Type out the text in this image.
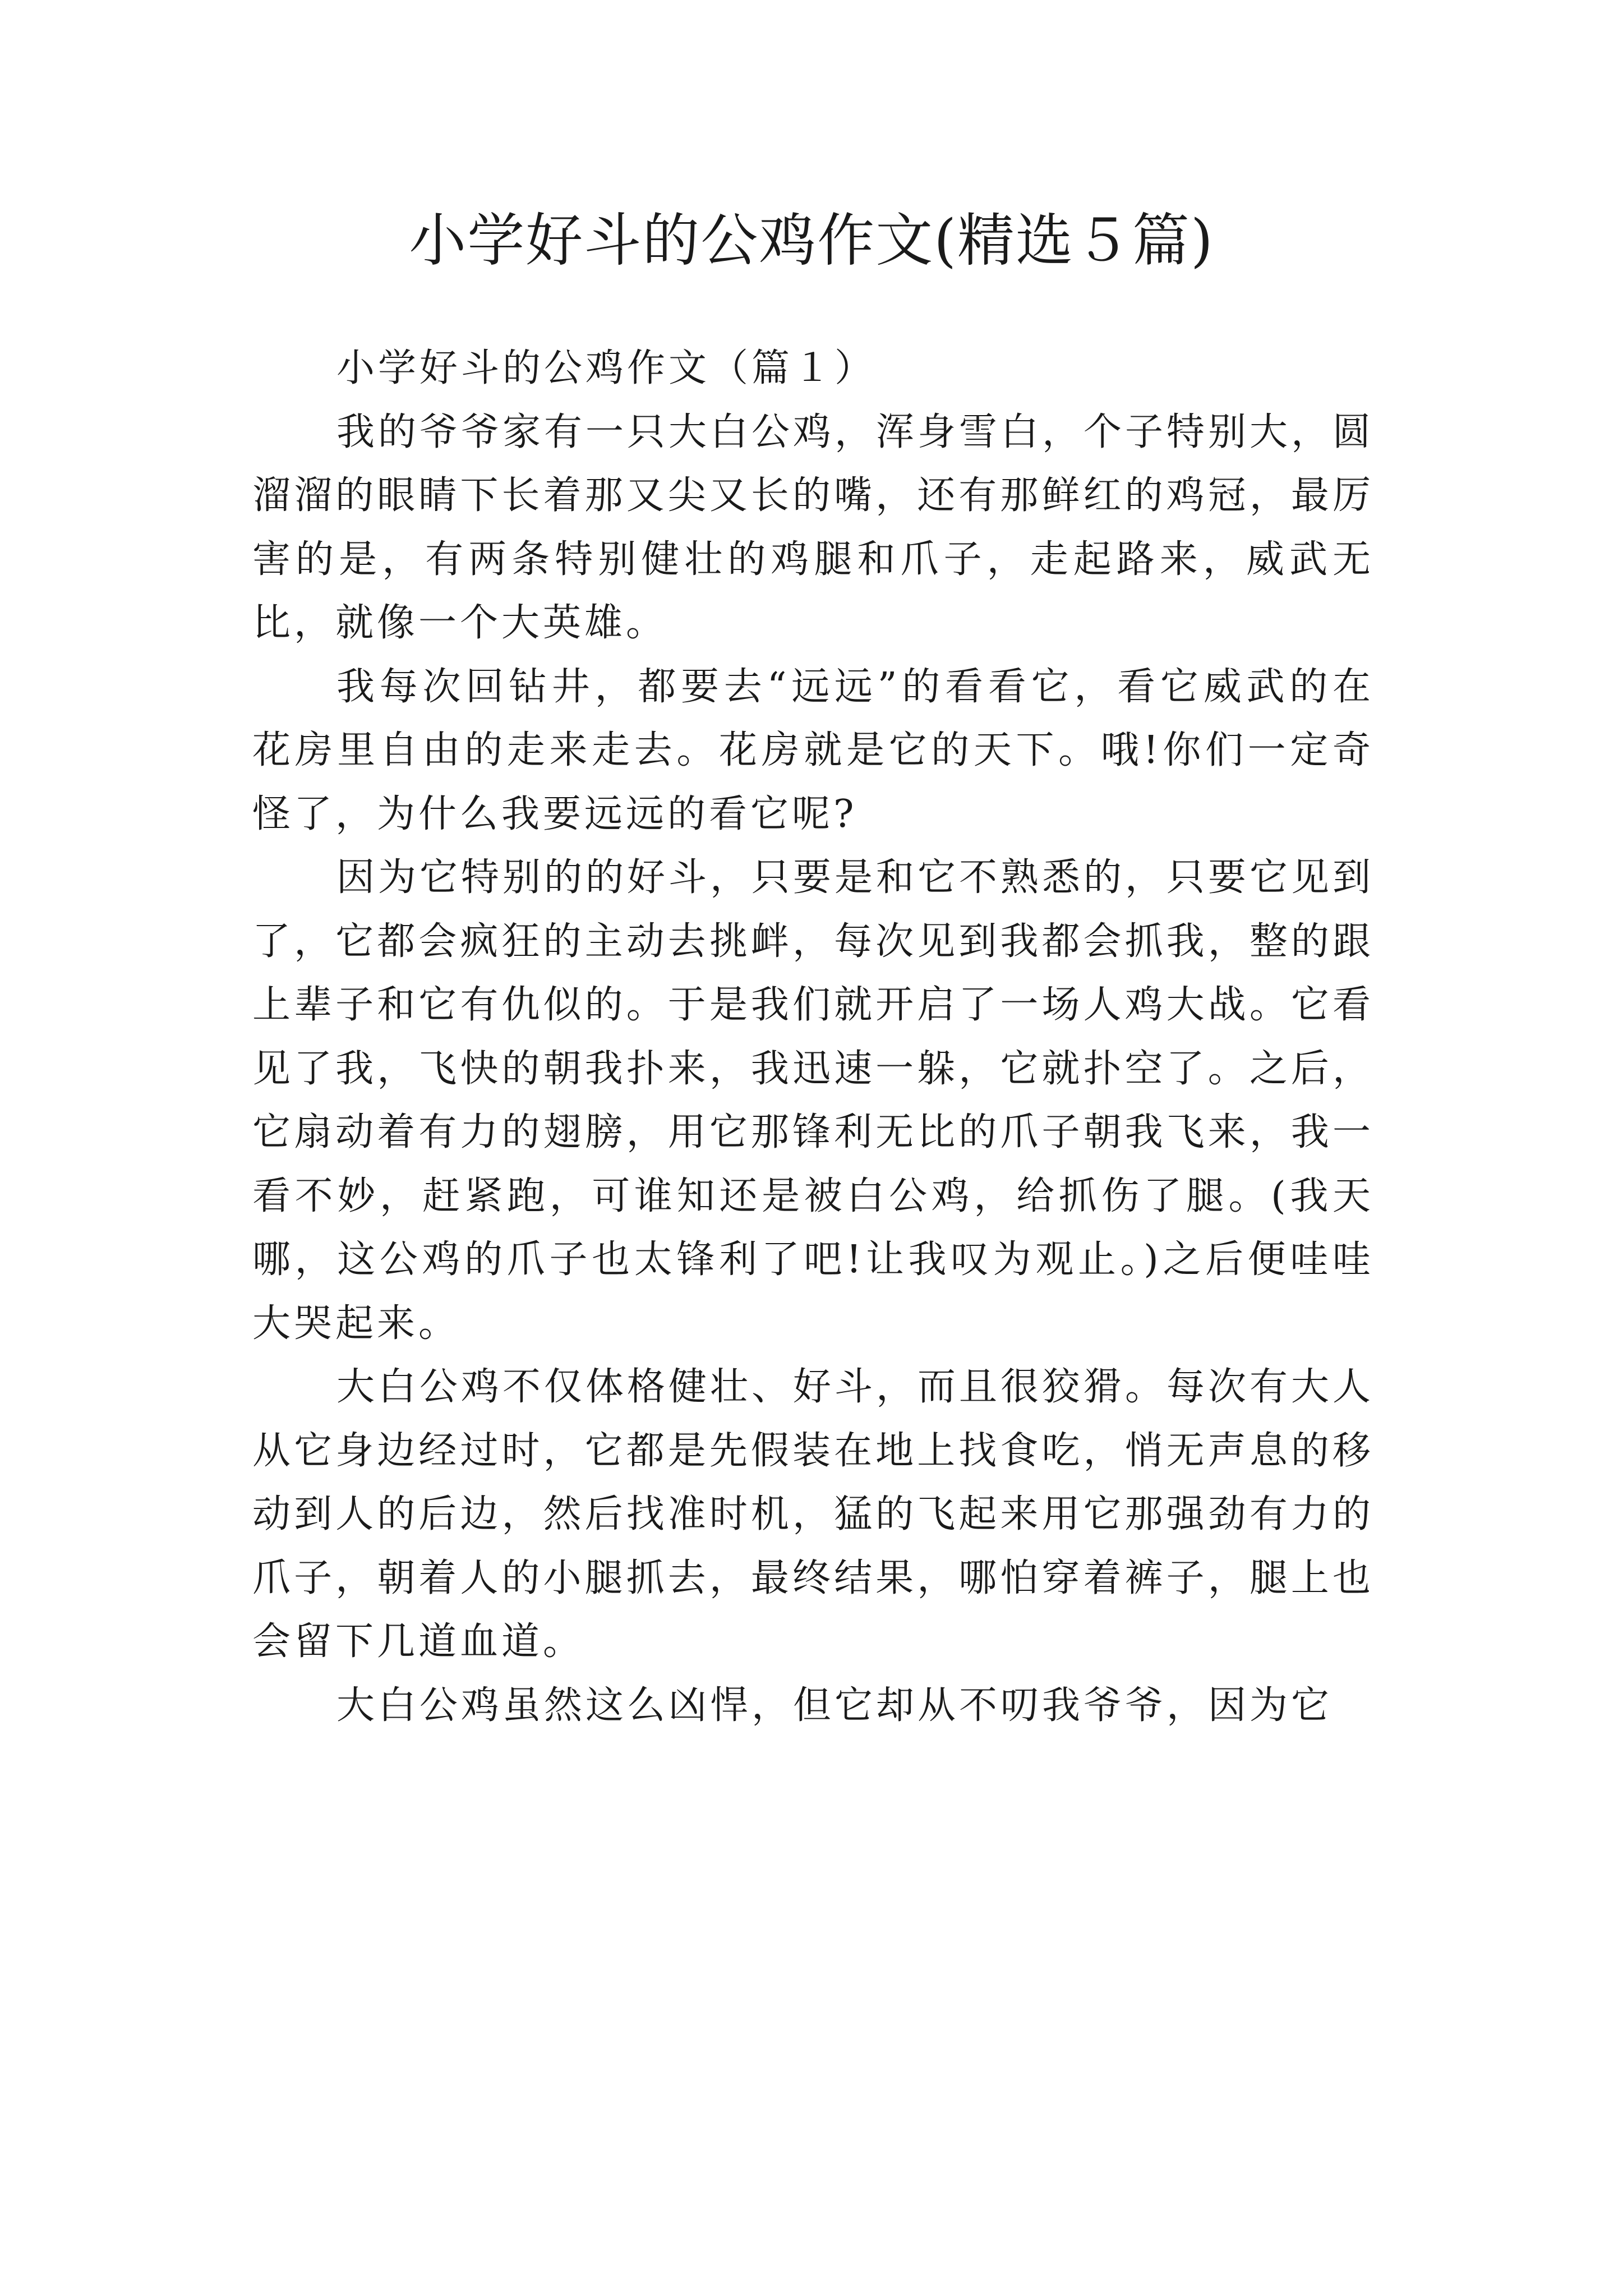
小学好斗的公鸡作文(精选５篇)

小学好斗的公鸡作文（篇１）

我的爷爷家有一只大白公鸡，浑身雪白，个子特别大，圆溜溜的眼睛下长着那又尖又长的嘴，还有那鲜红的鸡冠，最厉害的是，有两条特别健壮的鸡腿和爪子，走起路来，威武无比，就像一个大英雄。

我每次回钻井，都要去“远远”的看看它，看它威武的在花房里自由的走来走去。花房就是它的天下。哦!你们一定奇怪了，为什么我要远远的看它呢?

因为它特别的的好斗，只要是和它不熟悉的，只要它见到了，它都会疯狂的主动去挑衅，每次见到我都会抓我，整的跟上辈子和它有仇似的。于是我们就开启了一场人鸡大战。它看见了我，飞快的朝我扑来，我迅速一躲，它就扑空了。之后，它扇动着有力的翅膀，用它那锋利无比的爪子朝我飞来，我一看不妙，赶紧跑，可谁知还是被白公鸡，给抓伤了腿。(我天哪，这公鸡的爪子也太锋利了吧!让我叹为观止。)之后便哇哇大哭起来。

大白公鸡不仅体格健壮、好斗，而且很狡猾。每次有大人从它身边经过时，它都是先假装在地上找食吃，悄无声息的移动到人的后边，然后找准时机，猛的飞起来用它那强劲有力的爪子，朝着人的小腿抓去，最终结果，哪怕穿着裤子，腿上也会留下几道血道。

大白公鸡虽然这么凶悍，但它却从不叨我爷爷，因为它
